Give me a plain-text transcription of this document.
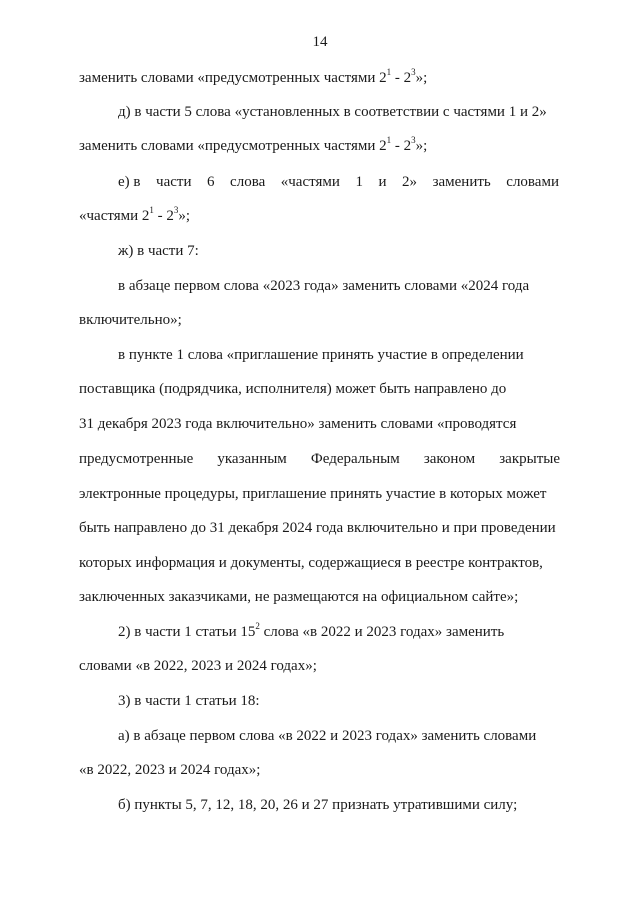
14
заменить словами «предусмотренных частями $2^1 - 2^3$»;
д) в части 5 слова «установленных в соответствии с частями 1 и 2»
заменить словами «предусмотренных частями $2^1 - 2^3$»;
е) в части 6 слова «частями 1 и 2» заменить словами
«частями $2^1 - 2^3$»;
ж) в части 7:
в абзаце первом слова «2023 года» заменить словами «2024 года
включительно»;
в пункте 1 слова «приглашение принять участие в определении
поставщика (подрядчика, исполнителя) может быть направлено до
31 декабря 2023 года включительно» заменить словами «проводятся
предусмотренные указанным Федеральным законом закрытые
электронные процедуры, приглашение принять участие в которых может
быть направлено до 31 декабря 2024 года включительно и при проведении
которых информация и документы, содержащиеся в реестре контрактов,
заключенных заказчиками, не размещаются на официальном сайте»;
2) в части 1 статьи $15^2$ слова «в 2022 и 2023 годах» заменить
словами «в 2022, 2023 и 2024 годах»;
3) в части 1 статьи 18:
а) в абзаце первом слова «в 2022 и 2023 годах» заменить словами
«в 2022, 2023 и 2024 годах»;
б) пункты 5, 7, 12, 18, 20, 26 и 27 признать утратившими силу;
